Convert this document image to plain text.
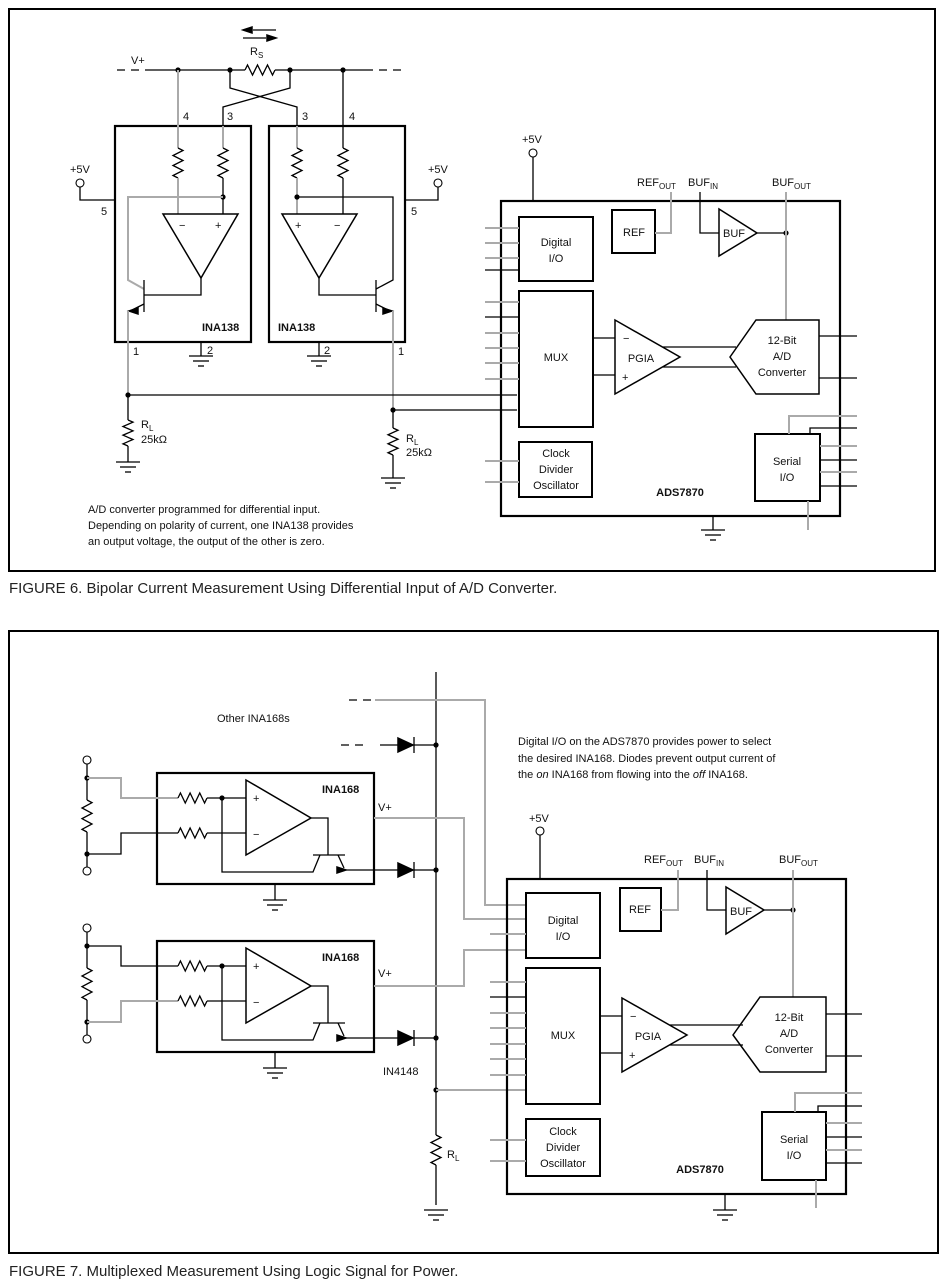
V+
$R_S$
4	3	3	4
+5V	+5V
5	5
−	+	+	−
INA138	INA138
1	2	2	1
$R_L$
25kΩ	$R_L$
25kΩ
A/D converter programmed for differential input.
Depending on polarity of current, one INA138 provides
an output voltage, the output of the other is zero.
+5V
$REF_{OUT}$ $BUF_{IN}$	$BUF_{OUT}$
Digital
I/O
REF	BUF
MUX	PGIA
−
+
12-Bit
A/D
Converter
Clock
Divider
Oscillator
Serial
I/O
ADS7870
FIGURE 6. Bipolar Current Measurement Using Differential Input of A/D Converter.
Other INA168s
Digital I/O on the ADS7870 provides power to select
the desired INA168. Diodes prevent output current of
the on INA168 from flowing into the off INA168.
INA168
INA168
V+
V+
+
−
+
−
IN4148
$R_L$
+5V
$REF_{OUT}$ $BUF_{IN}$	$BUF_{OUT}$
Digital
I/O
REF	BUF
MUX	PGIA
−
+
12-Bit
A/D
Converter
Clock
Divider
Oscillator
Serial
I/O
ADS7870
FIGURE 7. Multiplexed Measurement Using Logic Signal for Power.
